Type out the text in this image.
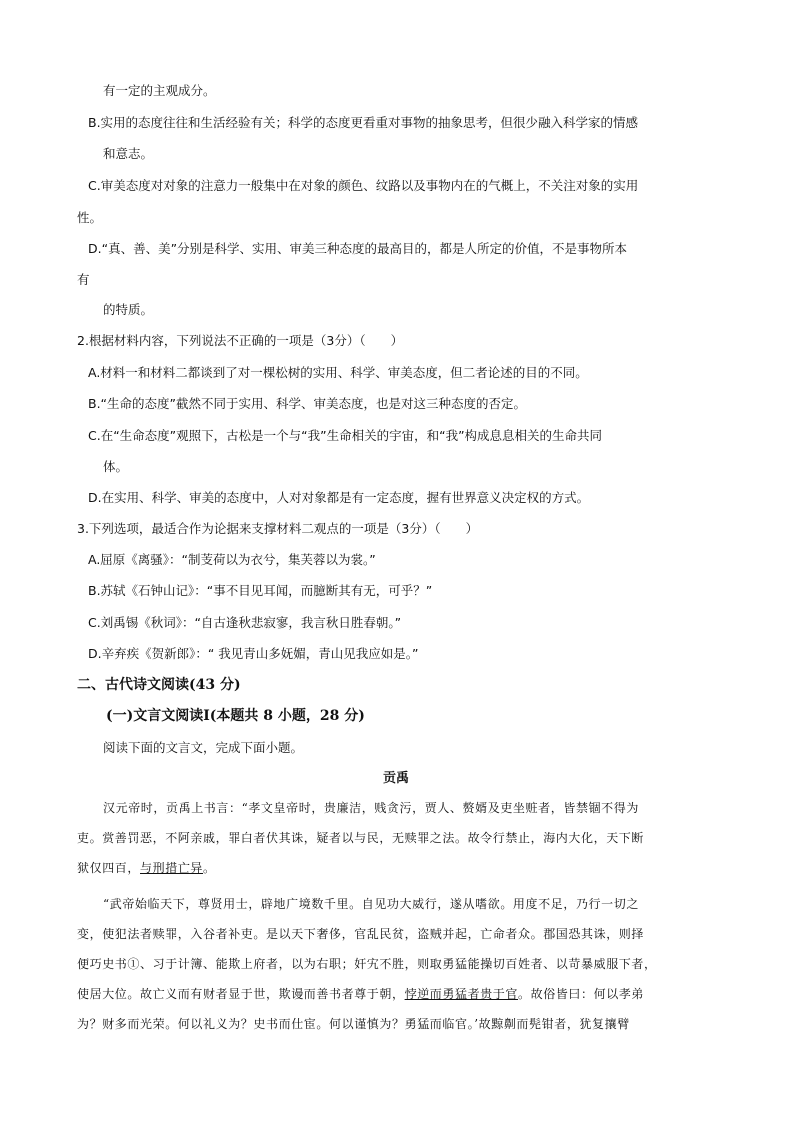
有一定的主观成分。
B.实用的态度往往和生活经验有关；科学的态度更看重对事物的抽象思考，但很少融入科学家的情感
和意志。
C.审美态度对对象的注意力一般集中在对象的颜色、纹路以及事物内在的气概上，不关注对象的实用
性。
D.“真、善、美”分别是科学、实用、审美三种态度的最高目的，都是人所定的价值，不是事物所本
有
的特质。
2.根据材料内容，下列说法不正确的一项是（3分）（　　）
A.材料一和材料二都谈到了对一棵松树的实用、科学、审美态度，但二者论述的目的不同。
B.“生命的态度”截然不同于实用、科学、审美态度，也是对这三种态度的否定。
C.在“生命态度”观照下，古松是一个与“我”生命相关的宇宙，和“我”构成息息相关的生命共同
体。
D.在实用、科学、审美的态度中，人对对象都是有一定态度，握有世界意义决定权的方式。
3.下列选项，最适合作为论据来支撑材料二观点的一项是（3分）（　　）
A.屈原《离骚》：“制芰荷以为衣兮，集芙蓉以为裳。”
B.苏轼《石钟山记》：“事不目见耳闻，而臆断其有无，可乎？”
C.刘禹锡《秋词》：“自古逢秋悲寂寥，我言秋日胜春朝。”
D.辛弃疾《贺新郎》：“ 我见青山多妩媚，青山见我应如是。”
二、古代诗文阅读(43 分)
(一)文言文阅读Ⅰ(本题共 8 小题，28 分)
阅读下面的文言文，完成下面小题。
贡禹
汉元帝时，贡禹上书言：“孝文皇帝时，贵廉洁，贱贪污，贾人、赘婿及吏坐赃者，皆禁锢不得为
吏。赏善罚恶，不阿亲戚，罪白者伏其诛，疑者以与民，无赎罪之法。故令行禁止，海内大化，天下断
狱仅四百，与刑措亡异。
“武帝始临天下，尊贤用士，辟地广境数千里。自见功大威行，遂从嗜欲。用度不足，乃行一切之
变，使犯法者赎罪，入谷者补吏。是以天下奢侈，官乱民贫，盗贼并起，亡命者众。郡国恐其诛，则择
便巧史书①、习于计簿、能欺上府者，以为右职；奸宄不胜，则取勇猛能操切百姓者、以苛暴威服下者，
使居大位。故亡义而有财者显于世，欺谩而善书者尊于朝，悖逆而勇猛者贵于官。故俗皆曰：何以孝弟
为？财多而光荣。何以礼义为？史书而仕宦。何以谨慎为？勇猛而临官。’故黥劓而髡钳者，犹复攘臂
